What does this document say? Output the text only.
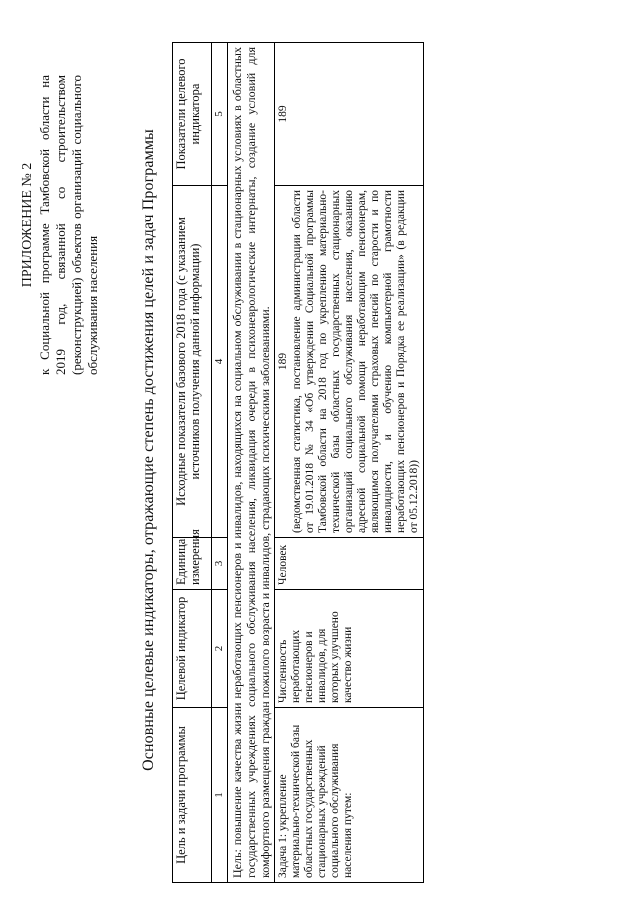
ПРИЛОЖЕНИЕ № 2 к Социальной программе Тамбовской области на 2019 год, связанной со строительством (реконструкцией) объектов организаций социального обслуживания населения	Основные целевые индикаторы, отражающие степень достижения целей и задач Программы
Цель и задачи программы	Целевой индикатор	Единица измерения	Исходные показатели базового 2018 года (с указанием источников получения данной информации)	Показатели целевого индикатора
1	2	3	4	5
Цель: повышение качества жизни неработающих пенсионеров и инвалидов, находящихся на социальном обслуживании в стационарных условиях в областных государственных учреждениях социального обслуживания населения, ликвидация очереди в психоневрологические интернаты, создание условий для комфортного размещения граждан пожилого возраста и инвалидов, страдающих психическими заболеваниями.				
Задача 1: укрепление материально-технической базы областных государственных стационарных учреждений социального обслуживания населения путем:	Численность неработающих пенсионеров и инвалидов, для которых улучшено качество жизни	Человек	189 (ведомственная статистика, постановление администрации области от 19.01.2018 № 34 «Об утверждении Социальной программы Тамбовской области на 2018 год по укреплению материально-технической базы областных государственных стационарных организаций социального обслуживания населения, оказанию адресной социальной помощи неработающим пенсионерам, являющимся получателями страховых пенсий по старости и по инвалидности, и обучению компьютерной грамотности неработающих пенсионеров и Порядка ее реализации» (в редакции от 05.12.2018))	189
